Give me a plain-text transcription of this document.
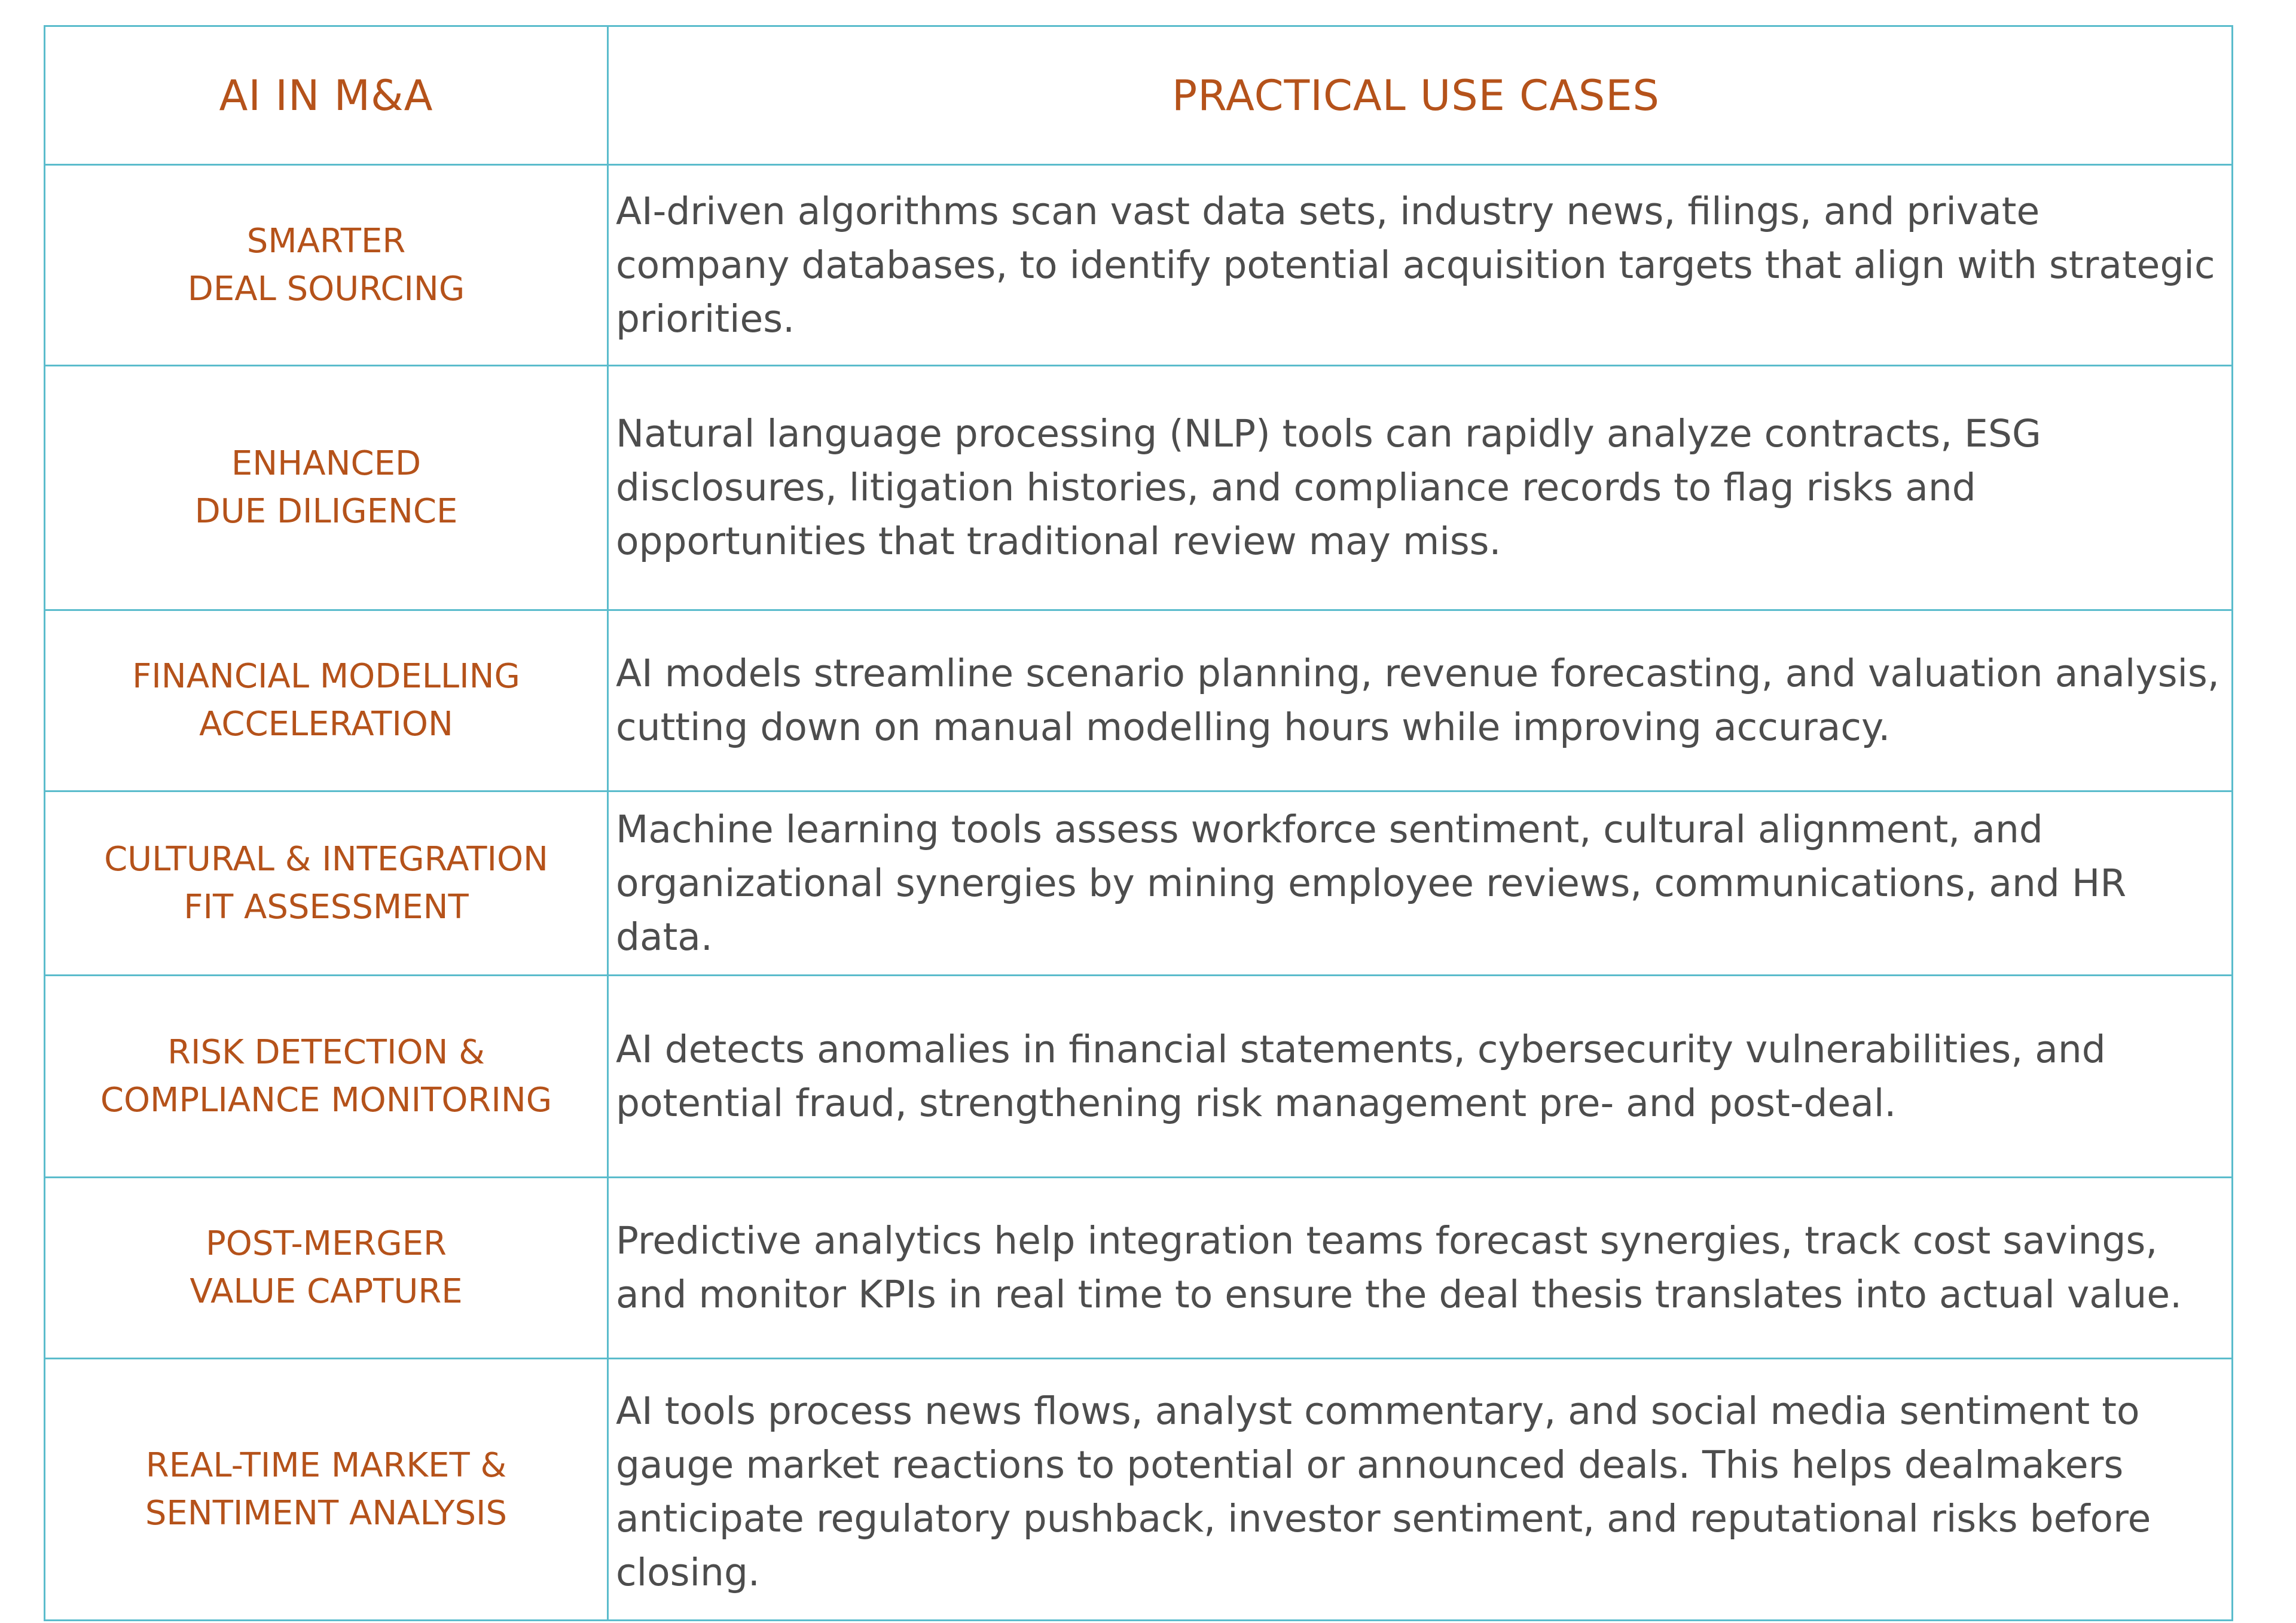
AI IN M&A	PRACTICAL USE CASES
SMARTER
DEAL SOURCING
AI-driven algorithms scan vast data sets, industry news, filings, and private company databases, to identify potential acquisition targets that align with strategic priorities.
ENHANCED
DUE DILIGENCE
Natural language processing (NLP) tools can rapidly analyze contracts, ESG disclosures, litigation histories, and compliance records to flag risks and opportunities that traditional review may miss.
FINANCIAL MODELLING
ACCELERATION
AI models streamline scenario planning, revenue forecasting, and valuation analysis, cutting down on manual modelling hours while improving accuracy.
CULTURAL & INTEGRATION
FIT ASSESSMENT
Machine learning tools assess workforce sentiment, cultural alignment, and organizational synergies by mining employee reviews, communications, and HR data.
RISK DETECTION &
COMPLIANCE MONITORING
AI detects anomalies in financial statements, cybersecurity vulnerabilities, and potential fraud, strengthening risk management pre- and post-deal.
POST-MERGER
VALUE CAPTURE
Predictive analytics help integration teams forecast synergies, track cost savings, and monitor KPIs in real time to ensure the deal thesis translates into actual value.
REAL-TIME MARKET &
SENTIMENT ANALYSIS
AI tools process news flows, analyst commentary, and social media sentiment to gauge market reactions to potential or announced deals. This helps dealmakers anticipate regulatory pushback, investor sentiment, and reputational risks before closing.
